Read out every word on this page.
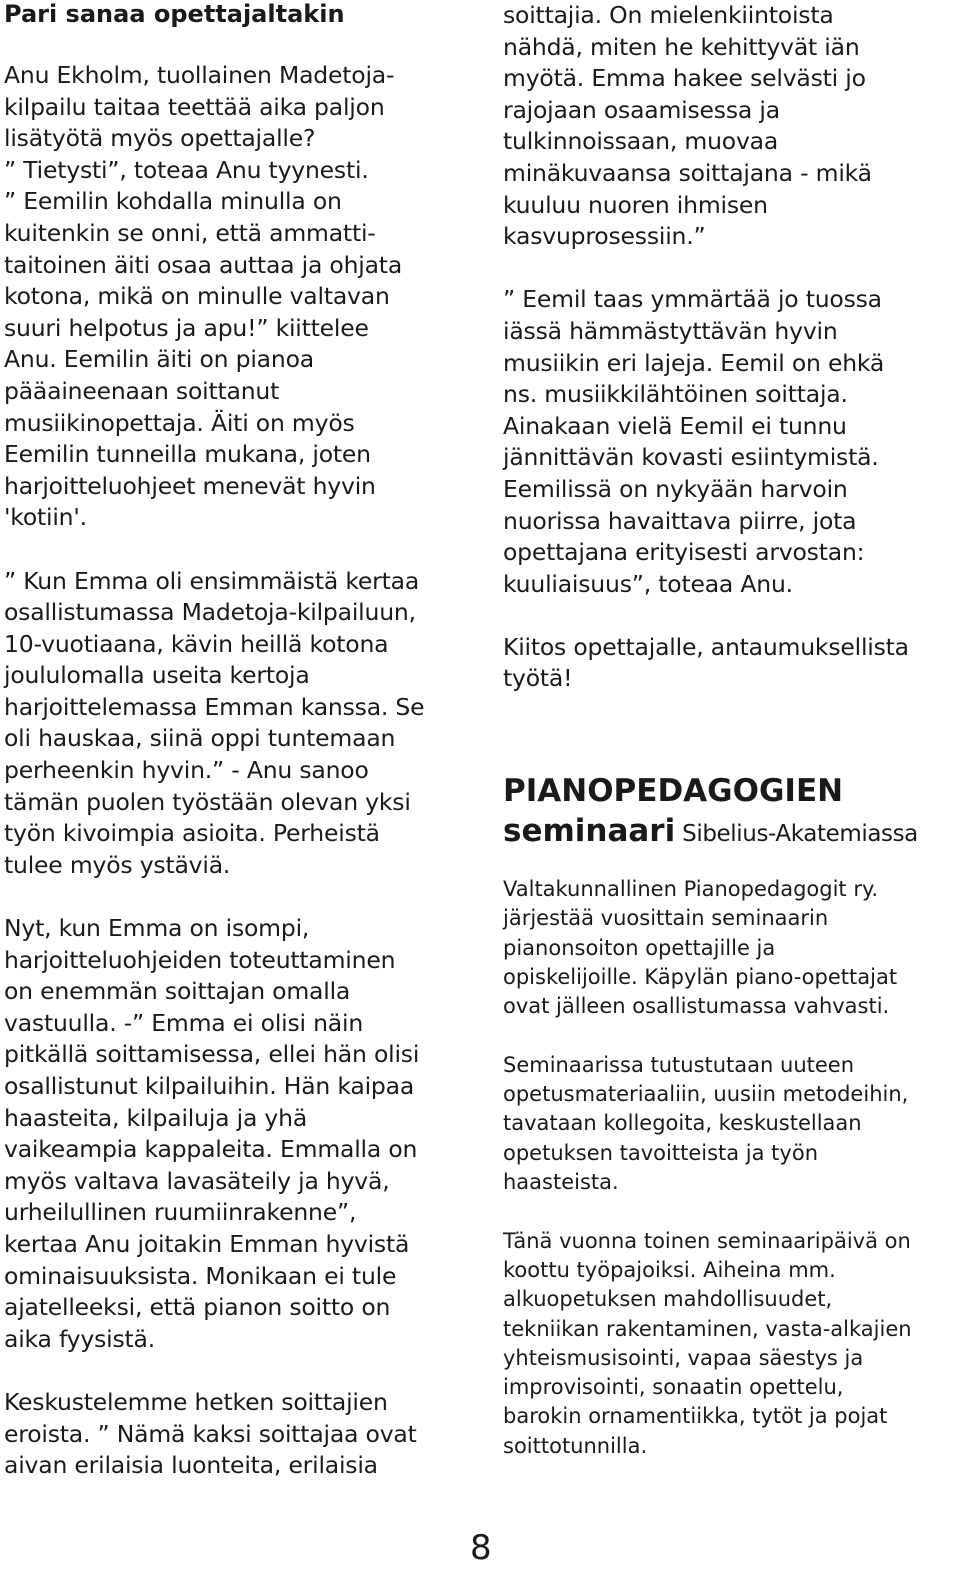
Pari sanaa opettajaltakin
Anu Ekholm, tuollainen Madetoja-
kilpailu taitaa teettää aika paljon
lisätyötä myös opettajalle?
” Tietysti”, toteaa Anu tyynesti.
” Eemilin kohdalla minulla on
kuitenkin se onni, että ammatti-
taitoinen äiti osaa auttaa ja ohjata
kotona, mikä on minulle valtavan
suuri helpotus ja apu!” kiittelee
Anu. Eemilin äiti on pianoa
pääaineenaan soittanut
musiikinopettaja. Äiti on myös
Eemilin tunneilla mukana, joten
harjoitteluohjeet menevät hyvin
'kotiin'.
” Kun Emma oli ensimmäistä kertaa
osallistumassa Madetoja-kilpailuun,
10-vuotiaana, kävin heillä kotona
joululomalla useita kertoja
harjoittelemassa Emman kanssa. Se
oli hauskaa, siinä oppi tuntemaan
perheenkin hyvin.” - Anu sanoo
tämän puolen työstään olevan yksi
työn kivoimpia asioita. Perheistä
tulee myös ystäviä.
Nyt, kun Emma on isompi,
harjoitteluohjeiden toteuttaminen
on enemmän soittajan omalla
vastuulla. -” Emma ei olisi näin
pitkällä soittamisessa, ellei hän olisi
osallistunut kilpailuihin. Hän kaipaa
haasteita, kilpailuja ja yhä
vaikeampia kappaleita. Emmalla on
myös valtava lavasäteily ja hyvä,
urheilullinen ruumiinrakenne”,
kertaa Anu joitakin Emman hyvistä
ominaisuuksista. Monikaan ei tule
ajatelleeksi, että pianon soitto on
aika fyysistä.
Keskustelemme hetken soittajien
eroista. ” Nämä kaksi soittajaa ovat
aivan erilaisia luonteita, erilaisia
soittajia. On mielenkiintoista
nähdä, miten he kehittyvät iän
myötä. Emma hakee selvästi jo
rajojaan osaamisessa ja
tulkinnoissaan, muovaa
minäkuvaansa soittajana - mikä
kuuluu nuoren ihmisen
kasvuprosessiin.”
” Eemil taas ymmärtää jo tuossa
iässä hämmästyttävän hyvin
musiikin eri lajeja. Eemil on ehkä
ns. musiikkilähtöinen soittaja.
Ainakaan vielä Eemil ei tunnu
jännittävän kovasti esiintymistä.
Eemilissä on nykyään harvoin
nuorissa havaittava piirre, jota
opettajana erityisesti arvostan:
kuuliaisuus”, toteaa Anu.
Kiitos opettajalle, antaumuksellista
työtä!
PIANOPEDAGOGIEN
seminaari Sibelius-Akatemiassa
Valtakunnallinen Pianopedagogit ry.
järjestää vuosittain seminaarin
pianonsoiton opettajille ja
opiskelijoille. Käpylän piano-opettajat
ovat jälleen osallistumassa vahvasti.
Seminaarissa tutustutaan uuteen
opetusmateriaaliin, uusiin metodeihin,
tavataan kollegoita, keskustellaan
opetuksen tavoitteista ja työn
haasteista.
Tänä vuonna toinen seminaaripäivä on
koottu työpajoiksi. Aiheina mm.
alkuopetuksen mahdollisuudet,
tekniikan rakentaminen, vasta-alkajien
yhteismusisointi, vapaa säestys ja
improvisointi, sonaatin opettelu,
barokin ornamentiikka, tytöt ja pojat
soittotunnilla.
8
